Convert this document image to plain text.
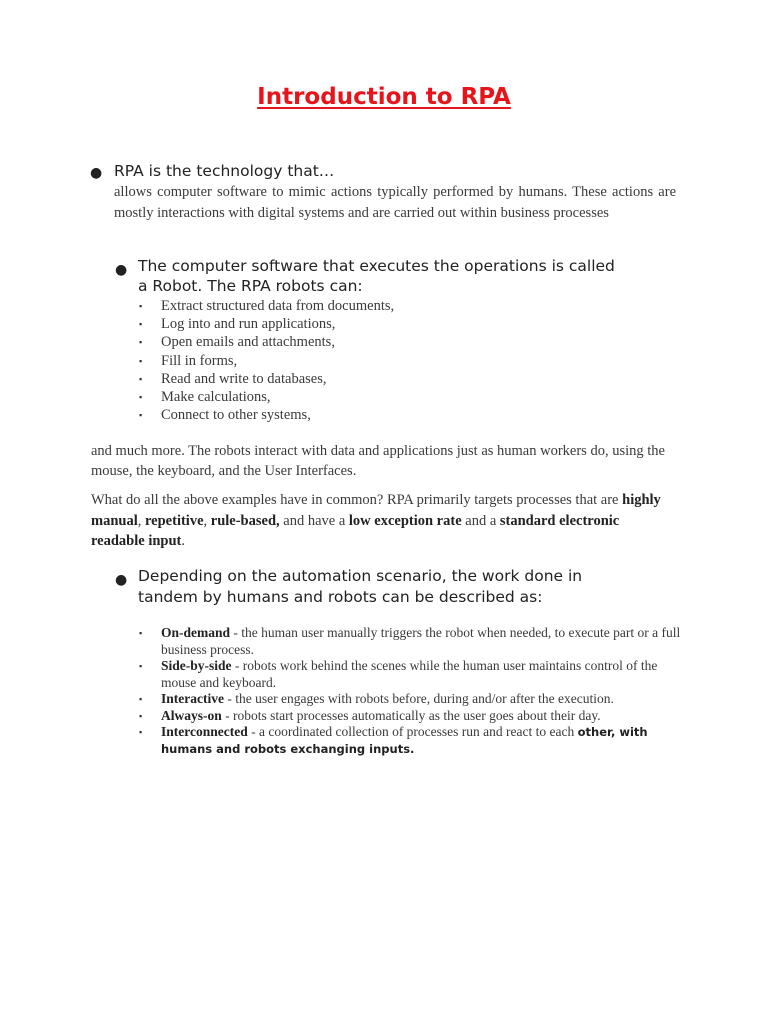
Introduction to RPA
● RPA is the technology that…
allows computer software to mimic actions typically performed by humans. These actions are mostly interactions with digital systems and are carried out within business processes
● The computer software that executes the operations is called
a Robot. The RPA robots can:
▪ Extract structured data from documents,
▪ Log into and run applications,
▪ Open emails and attachments,
▪ Fill in forms,
▪ Read and write to databases,
▪ Make calculations,
▪ Connect to other systems,
and much more. The robots interact with data and applications just as human workers do, using the mouse, the keyboard, and the User Interfaces.
What do all the above examples have in common? RPA primarily targets processes that are highly manual, repetitive, rule-based, and have a low exception rate and a standard electronic readable input.
● Depending on the automation scenario, the work done in
tandem by humans and robots can be described as:
▪ On-demand - the human user manually triggers the robot when needed, to execute part or a full business process.
▪ Side-by-side - robots work behind the scenes while the human user maintains control of the mouse and keyboard.
▪ Interactive - the user engages with robots before, during and/or after the execution.
▪ Always-on - robots start processes automatically as the user goes about their day.
▪ Interconnected - a coordinated collection of processes run and react to each other, with humans and robots exchanging inputs.
